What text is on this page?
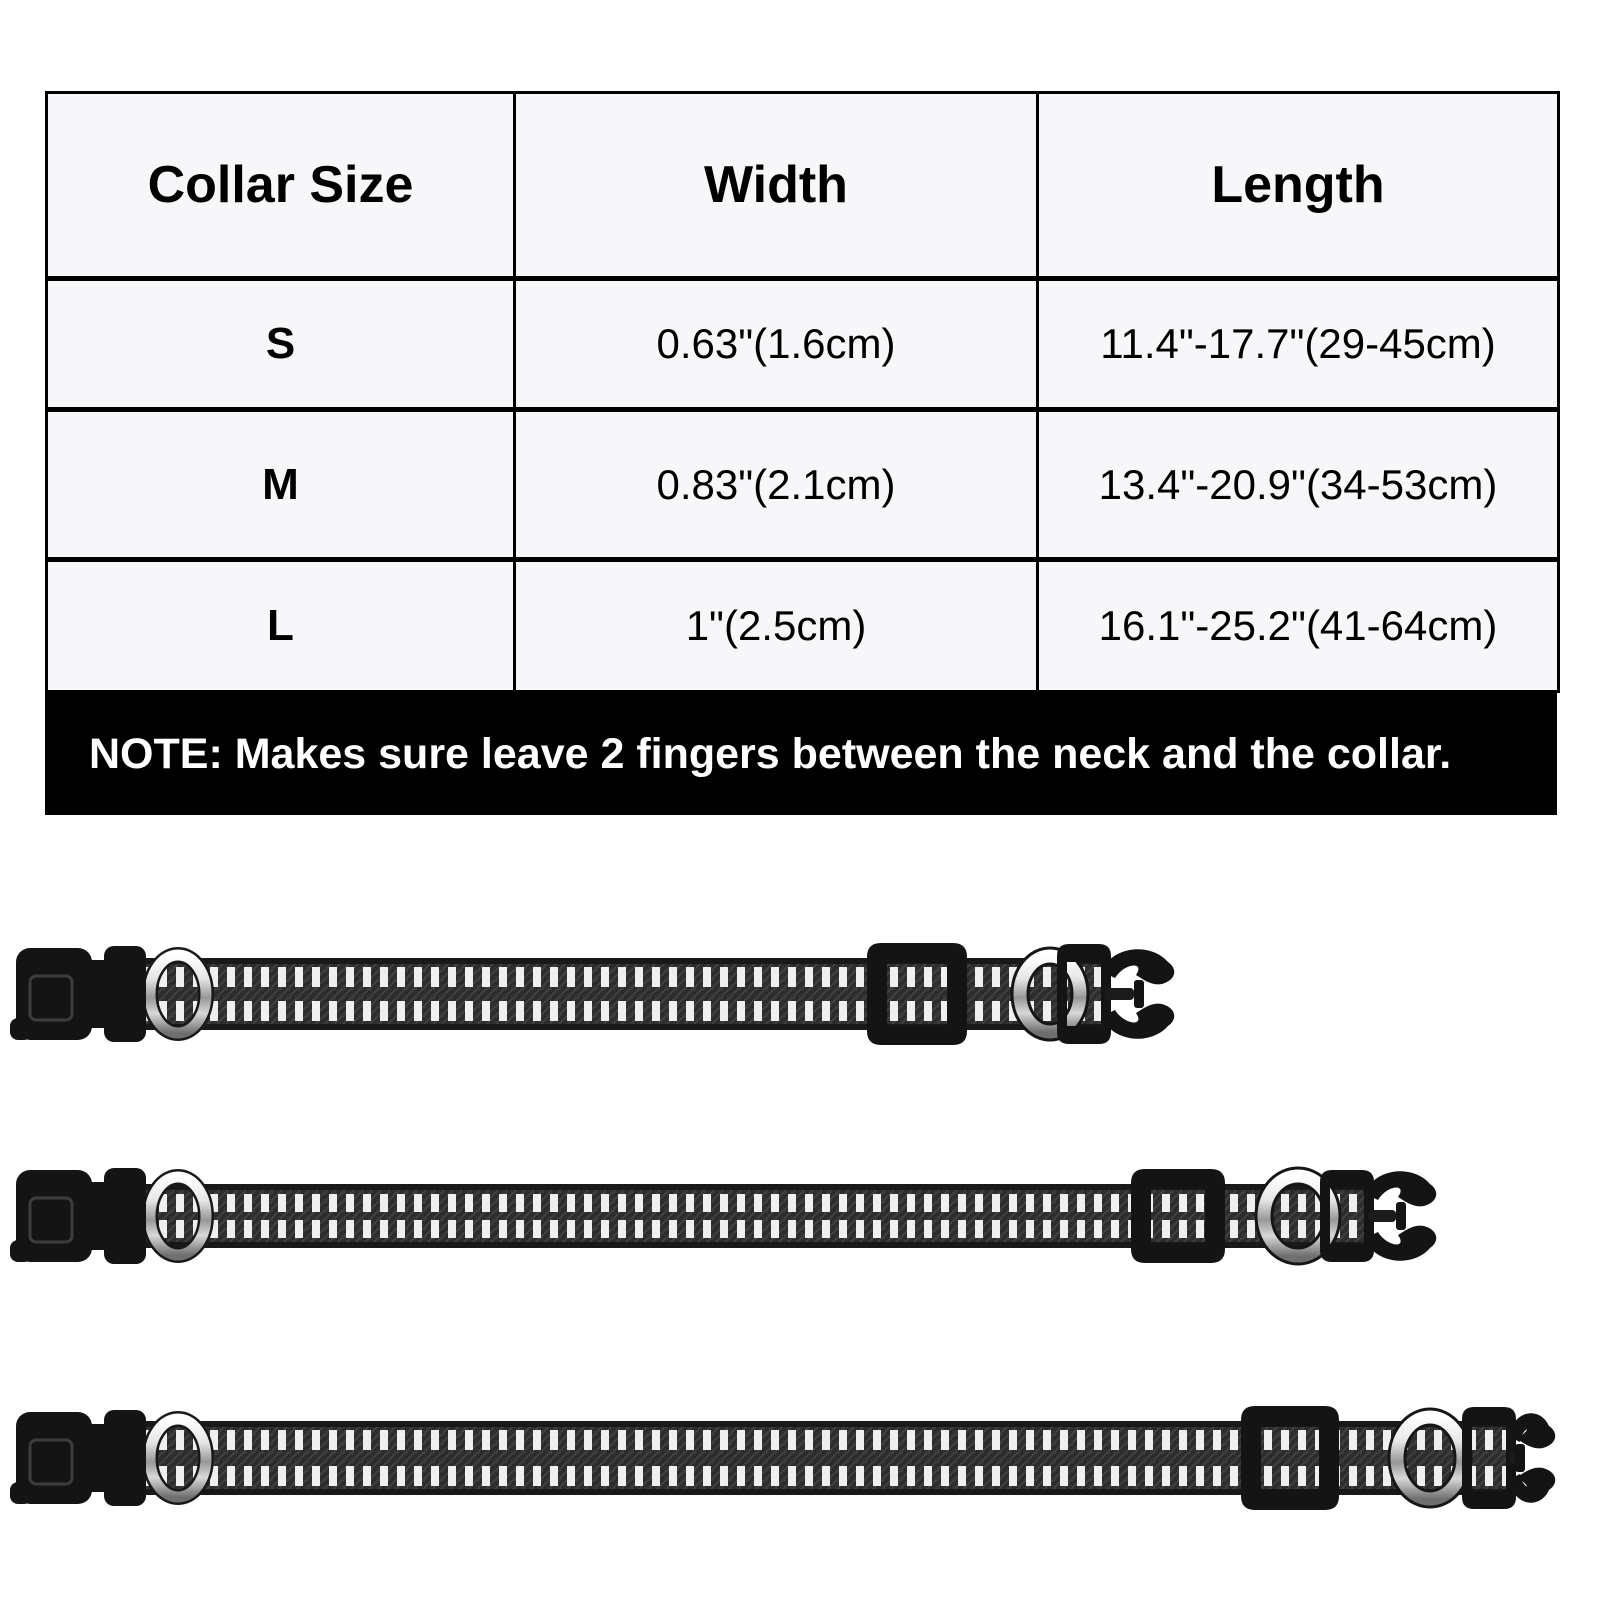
Collar Size	Width	Length
S	0.63"(1.6cm)	11.4"-17.7"(29-45cm)
M	0.83"(2.1cm)	13.4"-20.9"(34-53cm)
L	1"(2.5cm)	16.1"-25.2"(41-64cm)
NOTE: Makes sure leave 2 fingers between the neck and the collar.
